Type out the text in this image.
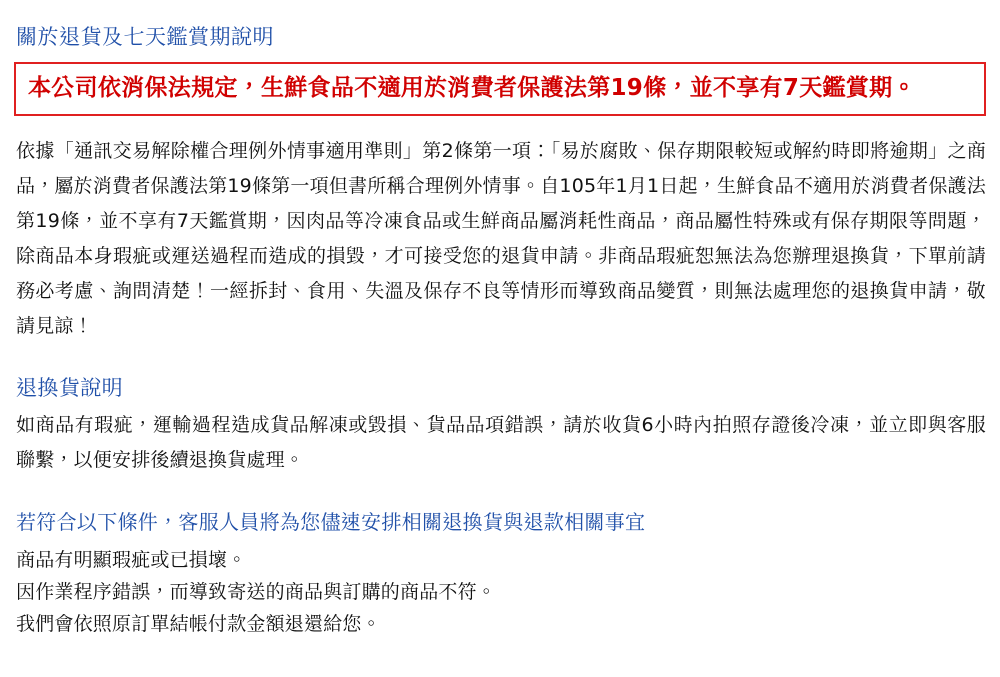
關於退貨及七天鑑賞期說明

本公司依消保法規定，生鮮食品不適用於消費者保護法第19條，並不享有7天鑑賞期。

依據「通訊交易解除權合理例外情事適用準則」第2條第一項：「易於腐敗、保存期限較短或解約時即將逾期」之商品，屬於消費者保護法第19條第一項但書所稱合理例外情事。自105年1月1日起，生鮮食品不適用於消費者保護法第19條，並不享有7天鑑賞期，因肉品等冷凍食品或生鮮商品屬消耗性商品，商品屬性特殊或有保存期限等問題，除商品本身瑕疵或運送過程而造成的損毀，才可接受您的退貨申請。非商品瑕疵恕無法為您辦理退換貨，下單前請務必考慮、詢問清楚！一經拆封、食用、失溫及保存不良等情形而導致商品變質，則無法處理您的退換貨申請，敬請見諒！

退換貨說明

如商品有瑕疵，運輸過程造成貨品解凍或毀損、貨品品項錯誤，請於收貨6小時內拍照存證後冷凍，並立即與客服聯繫，以便安排後續退換貨處理。

若符合以下條件，客服人員將為您儘速安排相關退換貨與退款相關事宜

商品有明顯瑕疵或已損壞。

因作業程序錯誤，而導致寄送的商品與訂購的商品不符。

我們會依照原訂單結帳付款金額退還給您。
